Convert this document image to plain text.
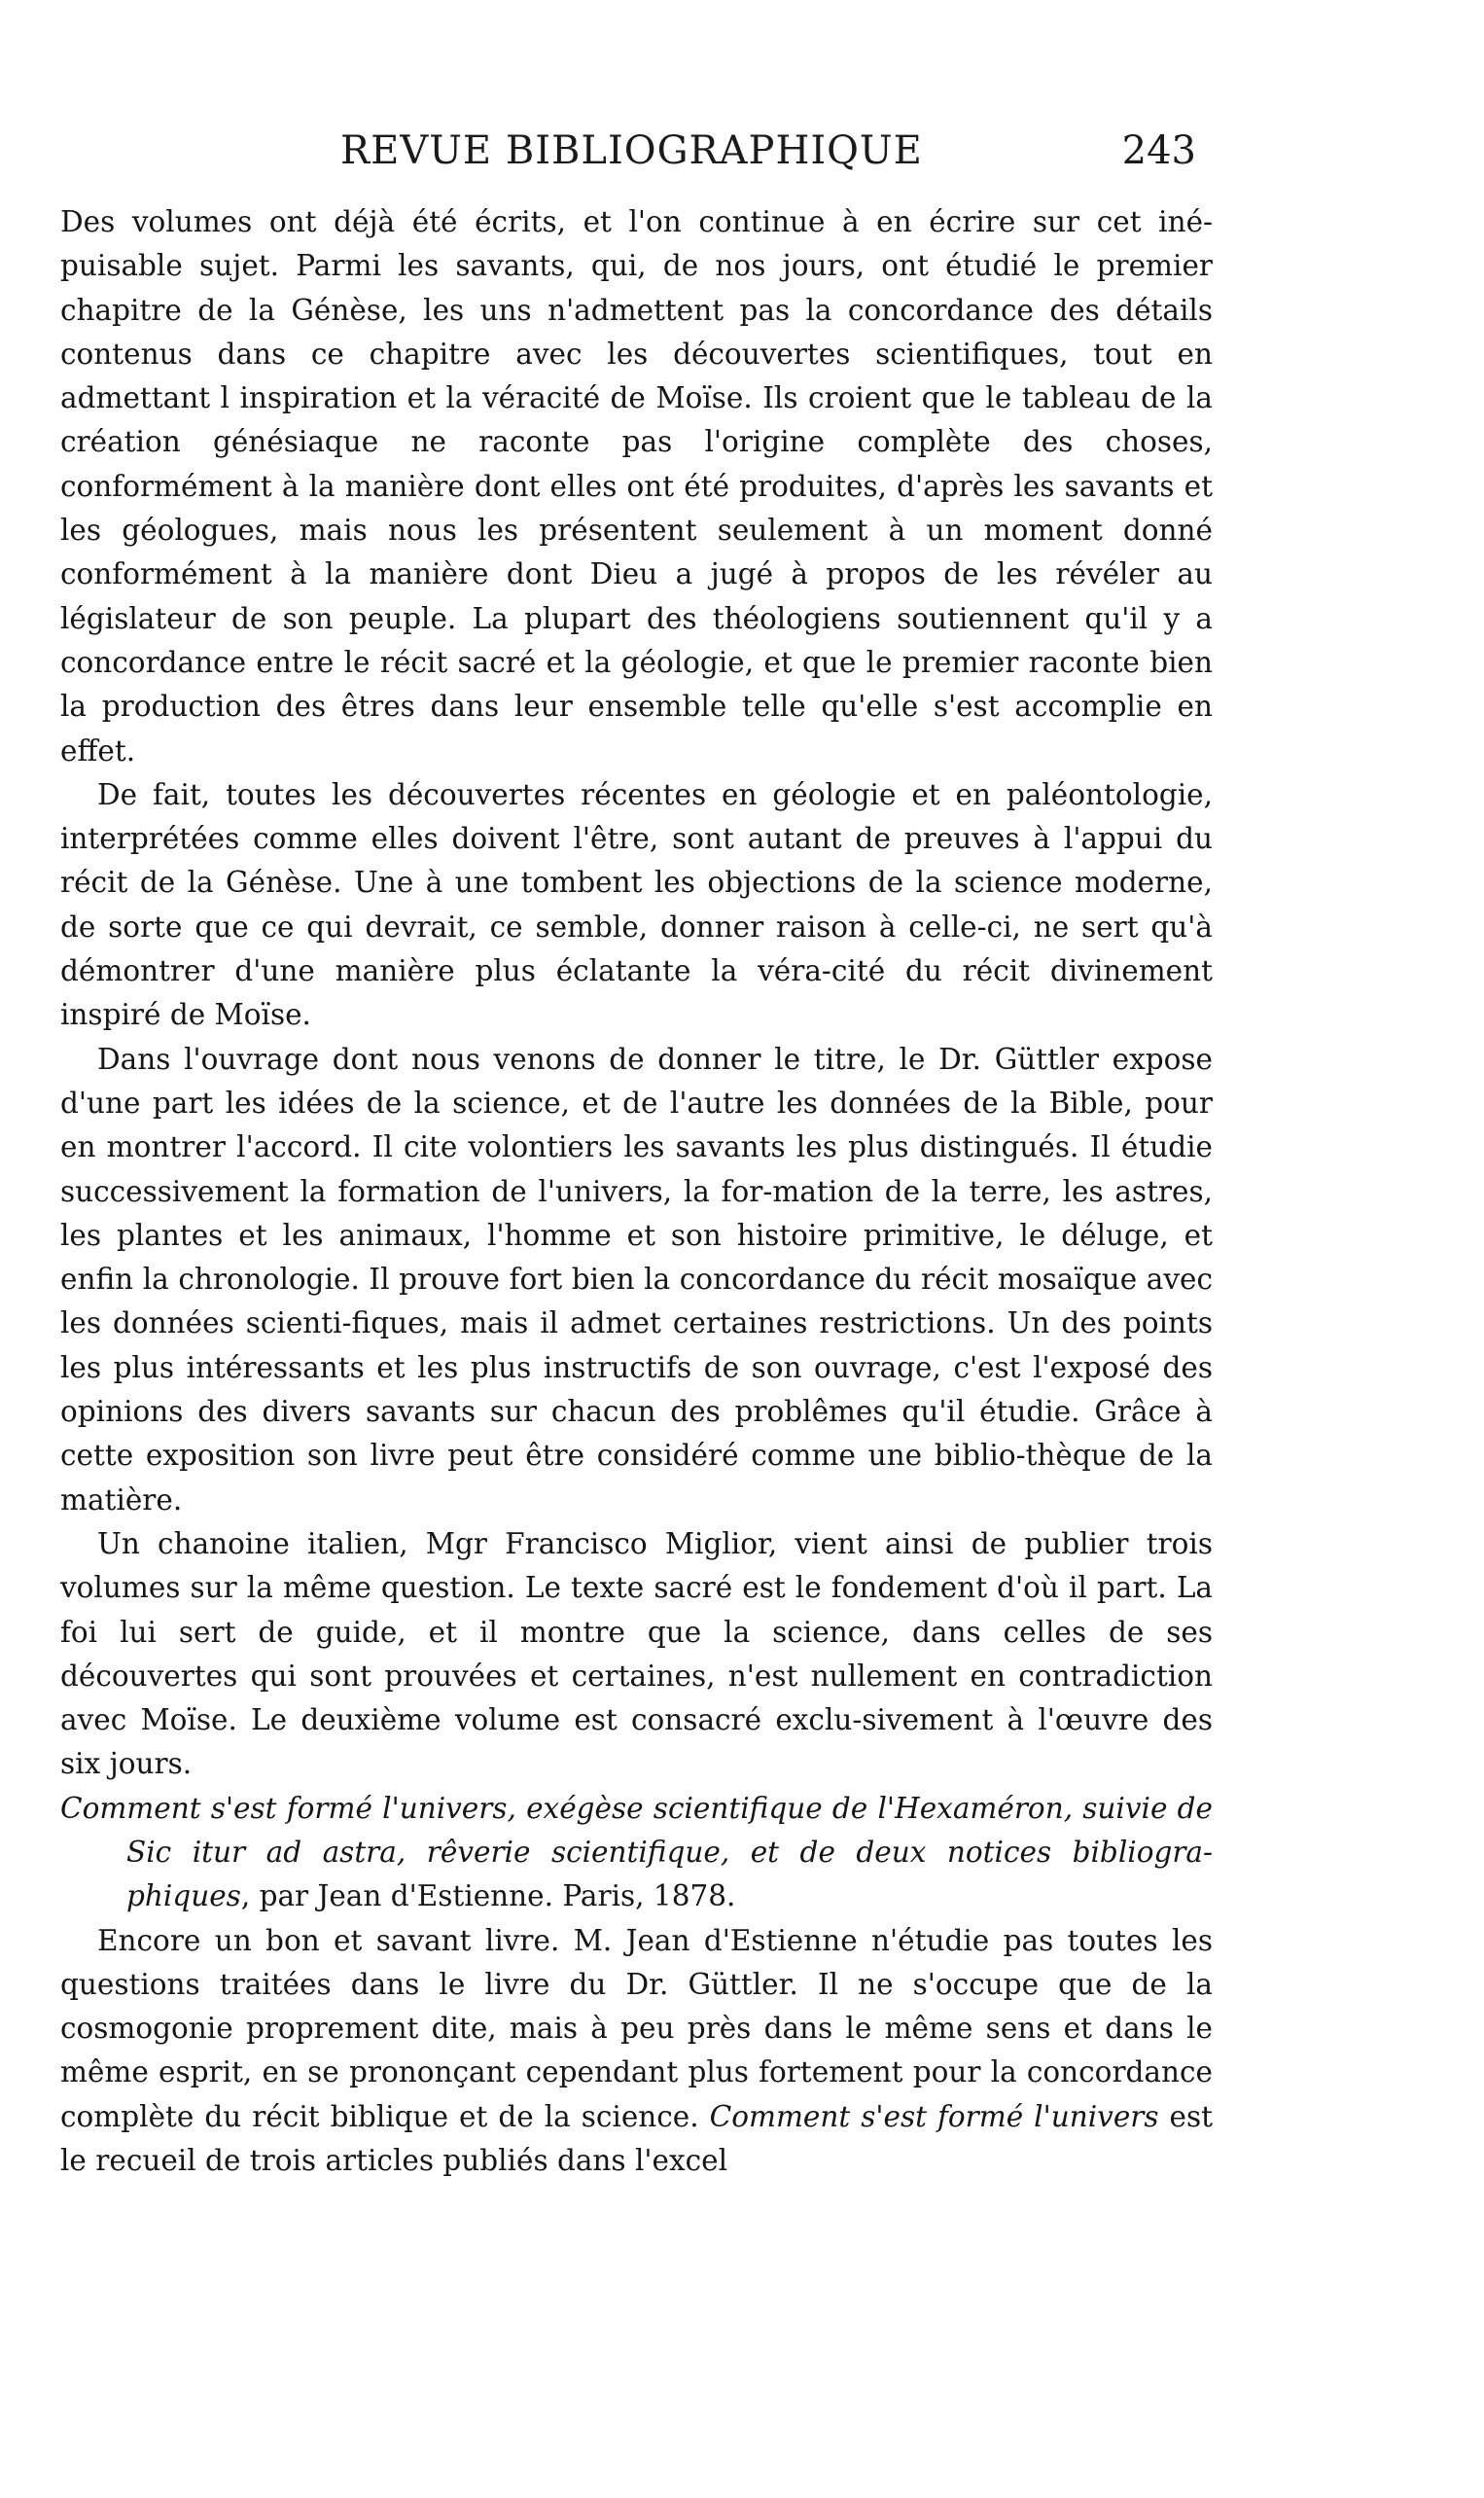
REVUE BIBLIOGRAPHIQUE	243

Des volumes ont déjà été écrits, et l'on continue à en écrire sur cet iné-puisable sujet. Parmi les savants, qui, de nos jours, ont étudié le premier chapitre de la Génèse, les uns n'admettent pas la concordance des détails contenus dans ce chapitre avec les découvertes scientifiques, tout en admettant l inspiration et la véracité de Moïse. Ils croient que le tableau de la création génésiaque ne raconte pas l'origine complète des choses, conformément à la manière dont elles ont été produites, d'après les savants et les géologues, mais nous les présentent seulement à un moment donné conformément à la manière dont Dieu a jugé à propos de les révéler au législateur de son peuple. La plupart des théologiens soutiennent qu'il y a concordance entre le récit sacré et la géologie, et que le premier raconte bien la production des êtres dans leur ensemble telle qu'elle s'est accomplie en effet.

De fait, toutes les découvertes récentes en géologie et en paléontologie, interprétées comme elles doivent l'être, sont autant de preuves à l'appui du récit de la Génèse. Une à une tombent les objections de la science moderne, de sorte que ce qui devrait, ce semble, donner raison à celle-ci, ne sert qu'à démontrer d'une manière plus éclatante la véra-cité du récit divinement inspiré de Moïse.

Dans l'ouvrage dont nous venons de donner le titre, le Dr. Güttler expose d'une part les idées de la science, et de l'autre les données de la Bible, pour en montrer l'accord. Il cite volontiers les savants les plus distingués. Il étudie successivement la formation de l'univers, la for-mation de la terre, les astres, les plantes et les animaux, l'homme et son histoire primitive, le déluge, et enfin la chronologie. Il prouve fort bien la concordance du récit mosaïque avec les données scienti-fiques, mais il admet certaines restrictions. Un des points les plus intéressants et les plus instructifs de son ouvrage, c'est l'exposé des opinions des divers savants sur chacun des problêmes qu'il étudie. Grâce à cette exposition son livre peut être considéré comme une biblio-thèque de la matière.

Un chanoine italien, Mgr Francisco Miglior, vient ainsi de publier trois volumes sur la même question. Le texte sacré est le fondement d'où il part. La foi lui sert de guide, et il montre que la science, dans celles de ses découvertes qui sont prouvées et certaines, n'est nullement en contradiction avec Moïse. Le deuxième volume est consacré exclu-sivement à l'œuvre des six jours.

Comment s'est formé l'univers, exégèse scientifique de l'Hexaméron, suivie de Sic itur ad astra, rêverie scientifique, et de deux notices bibliogra-phiques, par Jean d'Estienne. Paris, 1878.

Encore un bon et savant livre. M. Jean d'Estienne n'étudie pas toutes les questions traitées dans le livre du Dr. Güttler. Il ne s'occupe que de la cosmogonie proprement dite, mais à peu près dans le même sens et dans le même esprit, en se prononçant cependant plus fortement pour la concordance complète du récit biblique et de la science. Comment s'est formé l'univers est le recueil de trois articles publiés dans l'excel
